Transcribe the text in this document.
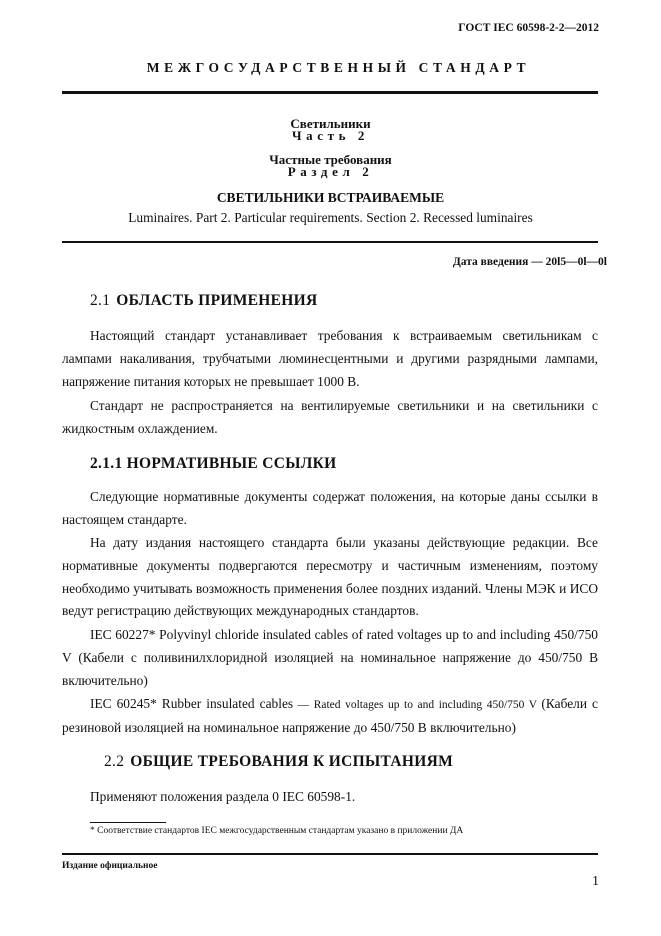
ГОСТ IEC 60598-2-2—2012
МЕЖГОСУДАРСТВЕННЫЙ СТАНДАРТ
Светильники
Часть 2
Частные требования
Раздел 2
СВЕТИЛЬНИКИ ВСТРАИВАЕМЫЕ
Luminaires. Part 2. Particular requirements. Section 2. Recessed luminaires
Дата введения — 20l5—0l—0l
2.1 ОБЛАСТЬ ПРИМЕНЕНИЯ

Настоящий стандарт устанавливает требования к встраиваемым светильникам с лампами накаливания, трубчатыми люминесцентными и другими разрядными лампами, напряжение питания которых не превышает 1000 В.

Стандарт не распространяется на вентилируемые светильники и на светильники с жидкостным охлаждением.

2.1.1 НОРМАТИВНЫЕ ССЫЛКИ

Следующие нормативные документы содержат положения, на которые даны ссылки в настоящем стандарте.

На дату издания настоящего стандарта были указаны действующие редакции. Все нормативные документы подвергаются пересмотру и частичным изменениям, поэтому необходимо учитывать возможность применения более поздних изданий. Члены МЭК и ИСО ведут регистрацию действующих международных стандартов.

IEC 60227* Polyvinyl chloride insulated cables of rated voltages up to and including 450/750 V (Кабели с поливинилхлоридной изоляцией на номинальное напряжение до 450/750 В включительно)

IEC 60245* Rubber insulated cables — Rated voltages up to and including 450/750 V (Кабели с резиновой изоляцией на номинальное напряжение до 450/750 В включительно)

2.2 ОБЩИЕ ТРЕБОВАНИЯ К ИСПЫТАНИЯМ

Применяют положения раздела 0 IEC 60598-1.

* Соответствие стандартов IEC межгосударственным стандартам указано в приложении ДА
Издание официальное
1
